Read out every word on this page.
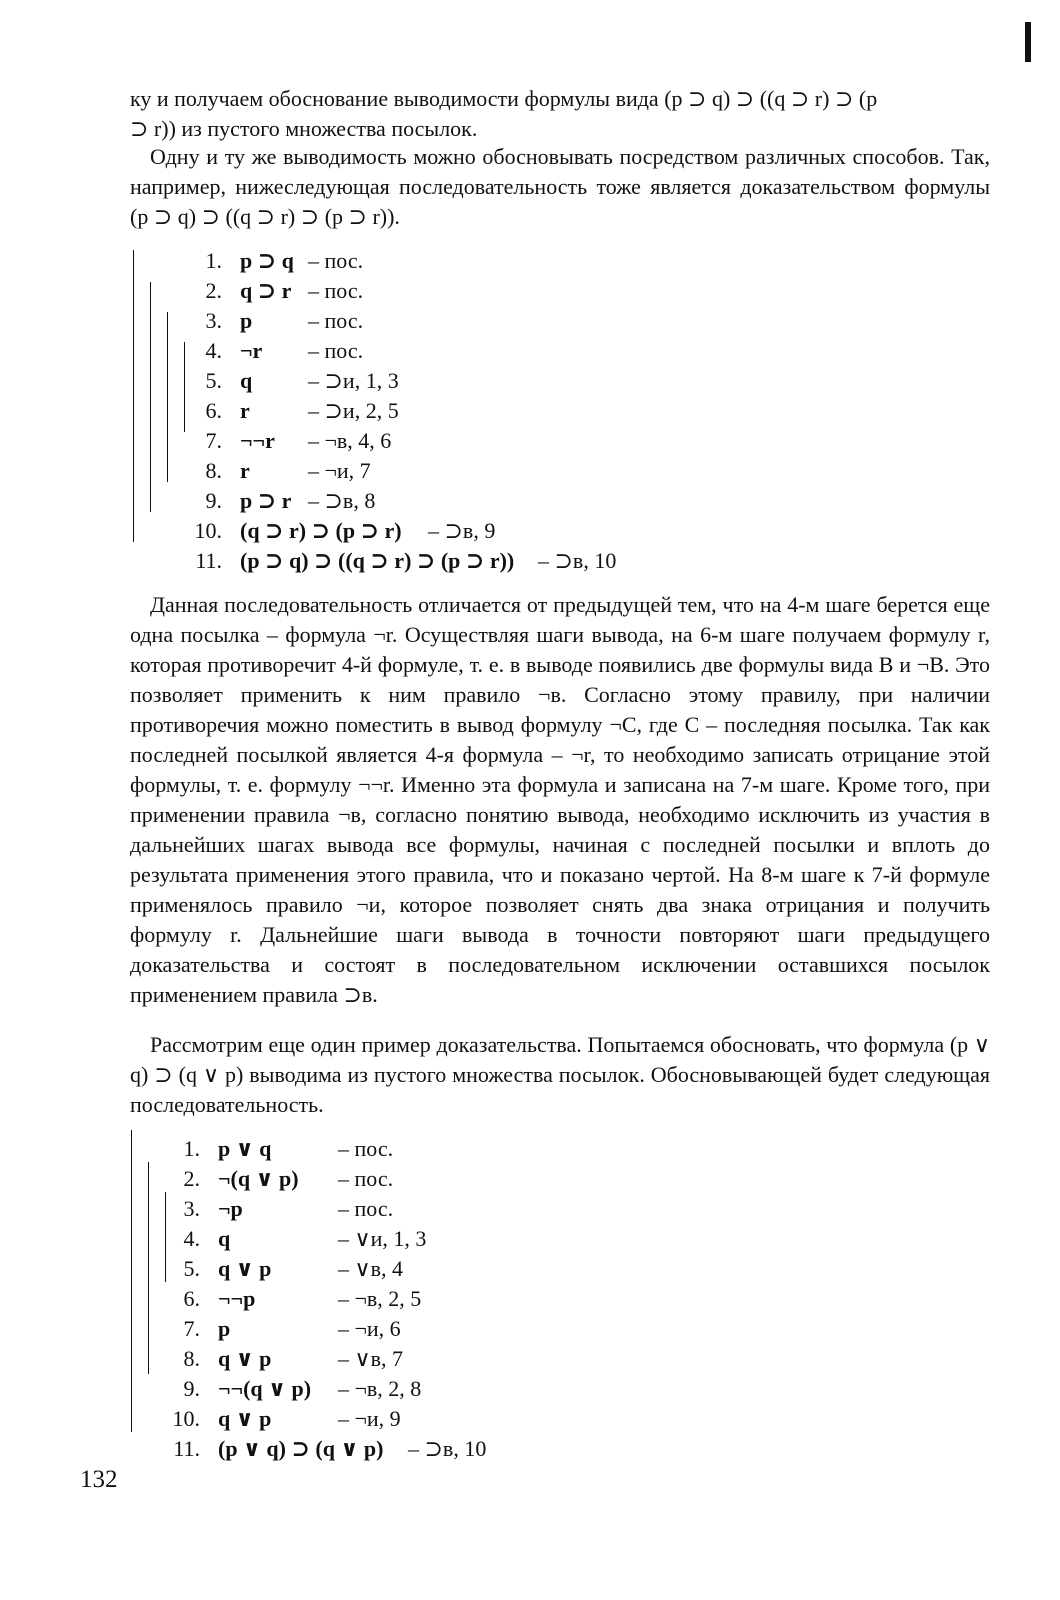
ку и получаем обоснование выводимости формулы вида (p ⊃ q) ⊃ ((q ⊃ r) ⊃ (p

⊃ r)) из пустого множества посылок.

Одну и ту же выводимость можно обосновывать посредством различных способов. Так, например, нижеследующая последовательность тоже является доказательством формулы (p ⊃ q) ⊃ ((q ⊃ r) ⊃ (p ⊃ r)).

1. p ⊃ q – пос.
2. q ⊃ r – пос.
3. p	– пос.
4. ¬r – пос.
5. q	– ⊃и, 1, 3
6. r	– ⊃и, 2, 5
7. ¬¬r – ¬в, 4, 6
8. r	– ¬и, 7
9. p ⊃ r – ⊃в, 8
10. (q ⊃ r) ⊃ (p ⊃ r) – ⊃в, 9
11. (p ⊃ q) ⊃ ((q ⊃ r) ⊃ (p ⊃ r)) – ⊃в, 10

Данная последовательность отличается от предыдущей тем, что на 4-м шаге берется еще одна посылка – формула ¬r. Осуществляя шаги вывода, на 6-м шаге получаем формулу r, которая противоречит 4-й формуле, т. е. в выводе появились две формулы вида B и ¬B. Это позволяет применить к ним правило ¬в. Согласно этому правилу, при наличии противоречия можно поместить в вывод формулу ¬C, где C – последняя посылка. Так как последней посылкой является 4-я формула – ¬r, то необходимо записать отрицание этой формулы, т. е. формулу ¬¬r. Именно эта формула и записана на 7-м шаге. Кроме того, при применении правила ¬в, согласно понятию вывода, необходимо исключить из участия в дальнейших шагах вывода все формулы, начиная с последней посылки и вплоть до результата применения этого правила, что и показано чертой. На 8-м шаге к 7-й формуле применялось правило ¬и, которое позволяет снять два знака отрицания и получить формулу r. Дальнейшие шаги вывода в точности повторяют шаги предыдущего доказательства и состоят в последовательном исключении оставшихся посылок применением правила ⊃в.

Рассмотрим еще один пример доказательства. Попытаемся обосновать, что формула (p ∨ q) ⊃ (q ∨ p) выводима из пустого множества посылок. Обосновывающей будет следующая последовательность.

1. p ∨ q	– пос.
2. ¬(q ∨ p) – пос.
3. ¬p	– пос.
4. q	– ∨и, 1, 3
5. q ∨ p	– ∨в, 4
6. ¬¬p	– ¬в, 2, 5
7. p	– ¬и, 6
8. q ∨ p	– ∨в, 7
9. ¬¬(q ∨ p) – ¬в, 2, 8
10. q ∨ p	– ¬и, 9
11. (p ∨ q) ⊃ (q ∨ p) – ⊃в, 10
132
